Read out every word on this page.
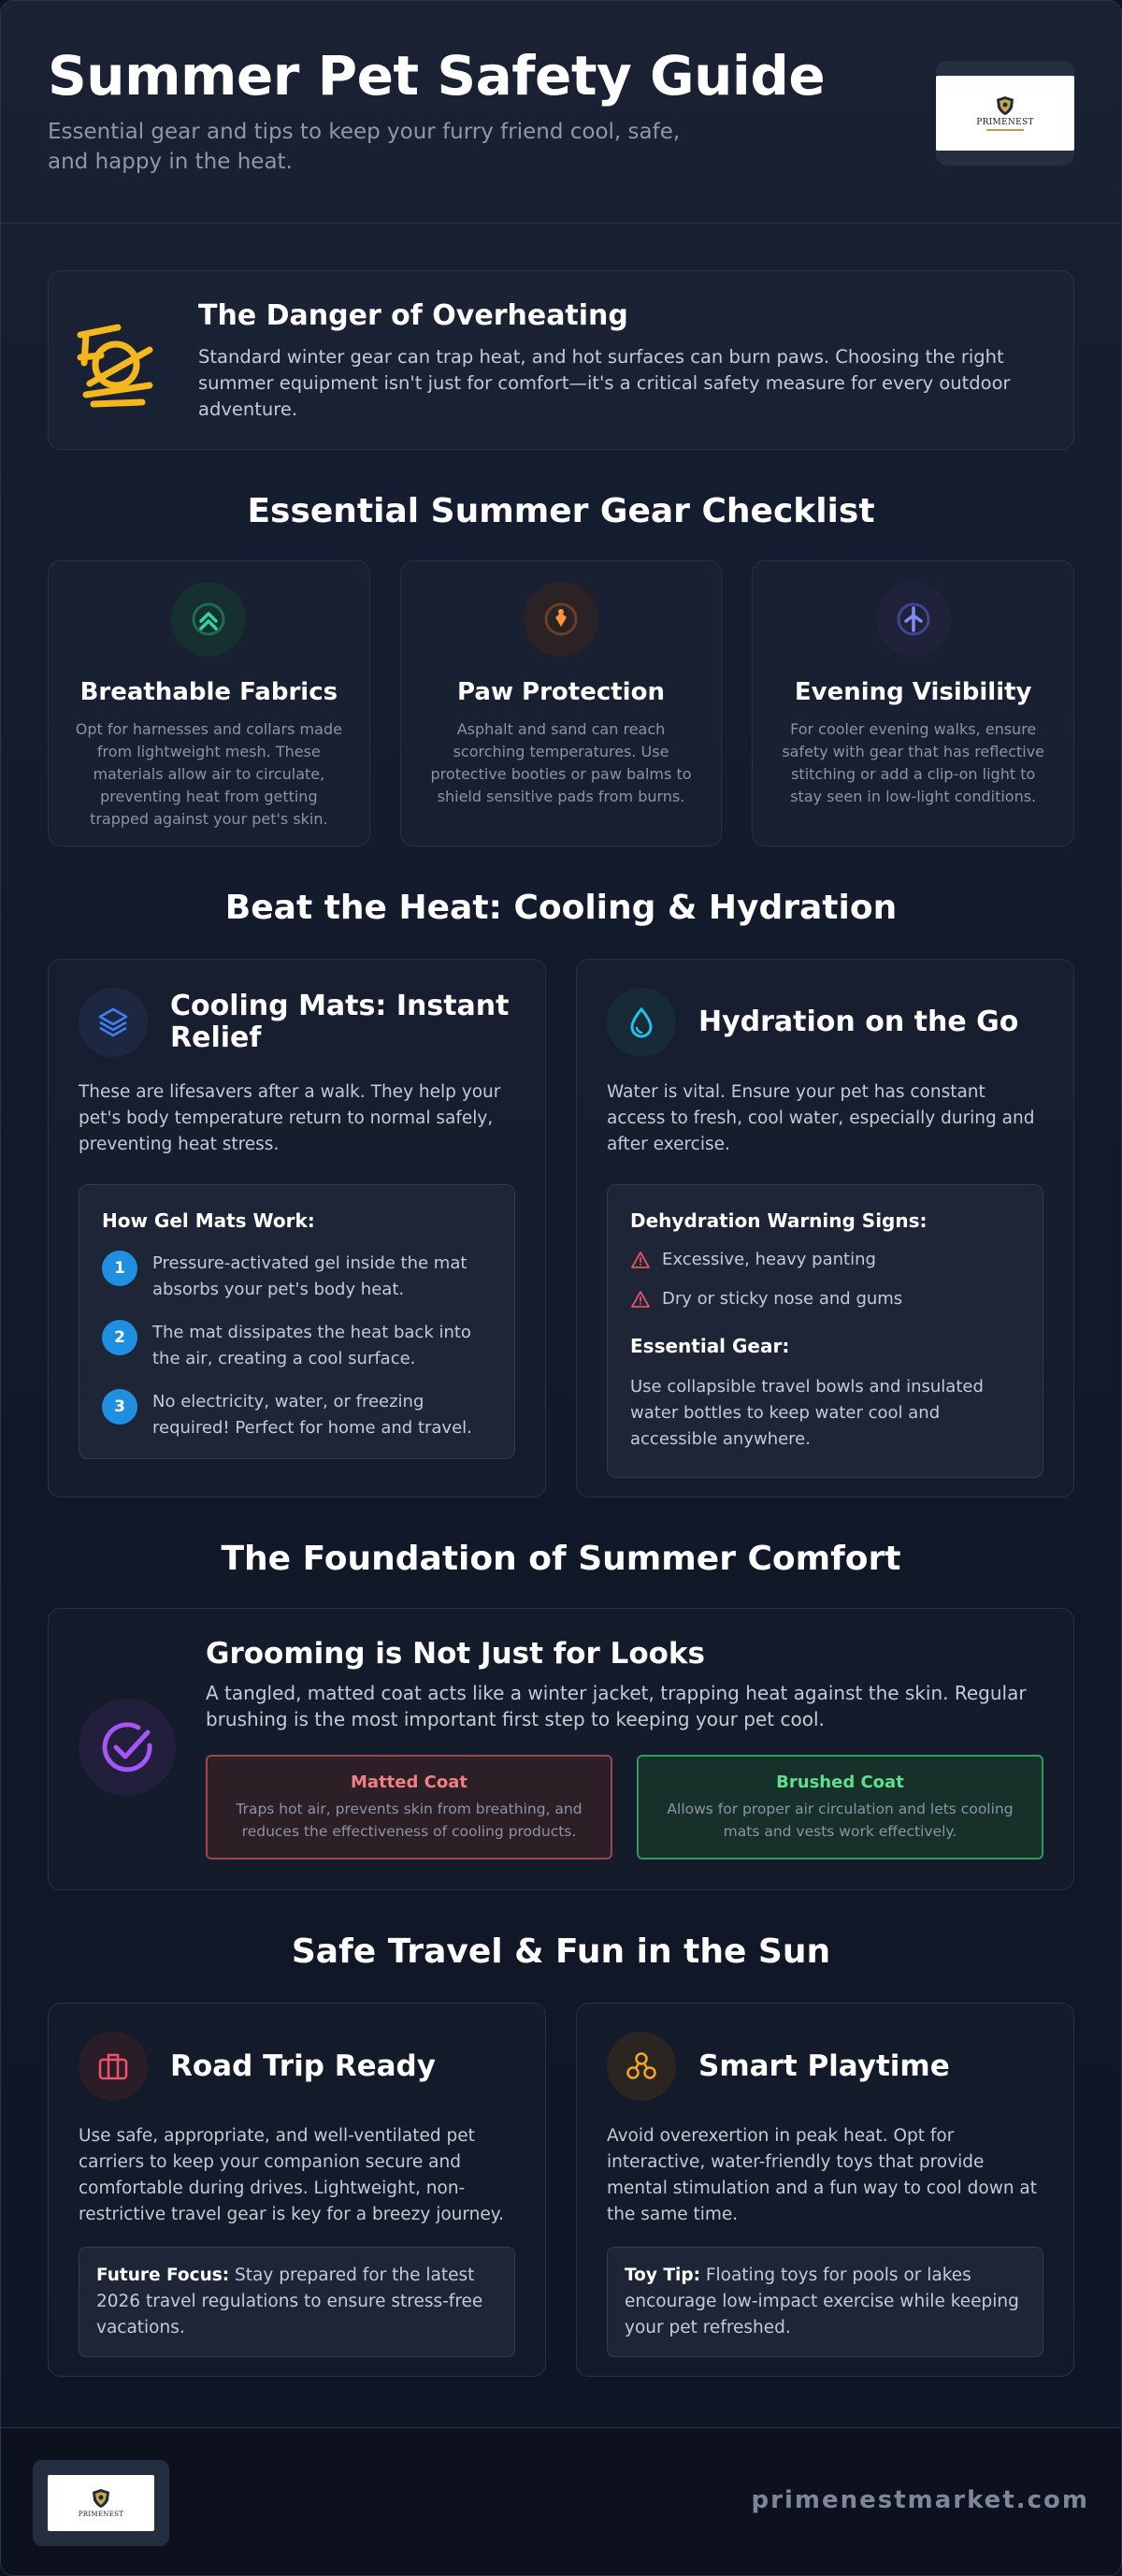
Summer Pet Safety Guide

Essential gear and tips to keep your furry friend cool, safe, and happy in the heat.

PRIMENEST
The Danger of Overheating

Standard winter gear can trap heat, and hot surfaces can burn paws. Choosing the right summer equipment isn't just for comfort—it's a critical safety measure for every outdoor adventure.

Essential Summer Gear Checklist
Breathable Fabrics

Opt for harnesses and collars made from lightweight mesh. These materials allow air to circulate, preventing heat from getting trapped against your pet's skin.

Paw Protection

Asphalt and sand can reach scorching temperatures. Use protective booties or paw balms to shield sensitive pads from burns.

Evening Visibility

For cooler evening walks, ensure safety with gear that has reflective stitching or add a clip-on light to stay seen in low-light conditions.

Beat the Heat: Cooling & Hydration
Cooling Mats: Instant Relief

These are lifesavers after a walk. They help your pet's body temperature return to normal safely, preventing heat stress.

How Gel Mats Work:
1	Pressure-activated gel inside the mat absorbs your pet's body heat.
2	The mat dissipates the heat back into the air, creating a cool surface.
3	No electricity, water, or freezing required! Perfect for home and travel.
Hydration on the Go

Water is vital. Ensure your pet has constant access to fresh, cool water, especially during and after exercise.

Dehydration Warning Signs:
Excessive, heavy panting
Dry or sticky nose and gums
Essential Gear:

Use collapsible travel bowls and insulated water bottles to keep water cool and accessible anywhere.

The Foundation of Summer Comfort
Grooming is Not Just for Looks

A tangled, matted coat acts like a winter jacket, trapping heat against the skin. Regular brushing is the most important first step to keeping your pet cool.

Matted Coat

Traps hot air, prevents skin from breathing, and reduces the effectiveness of cooling products.

Brushed Coat

Allows for proper air circulation and lets cooling mats and vests work effectively.

Safe Travel & Fun in the Sun
Road Trip Ready

Use safe, appropriate, and well-ventilated pet carriers to keep your companion secure and comfortable during drives. Lightweight, non-restrictive travel gear is key for a breezy journey.

Future Focus: Stay prepared for the latest 2026 travel regulations to ensure stress-free vacations.
Smart Playtime

Avoid overexertion in peak heat. Opt for interactive, water-friendly toys that provide mental stimulation and a fun way to cool down at the same time.

Toy Tip: Floating toys for pools or lakes encourage low-impact exercise while keeping your pet refreshed.
PRIMENEST	primenestmarket.com
